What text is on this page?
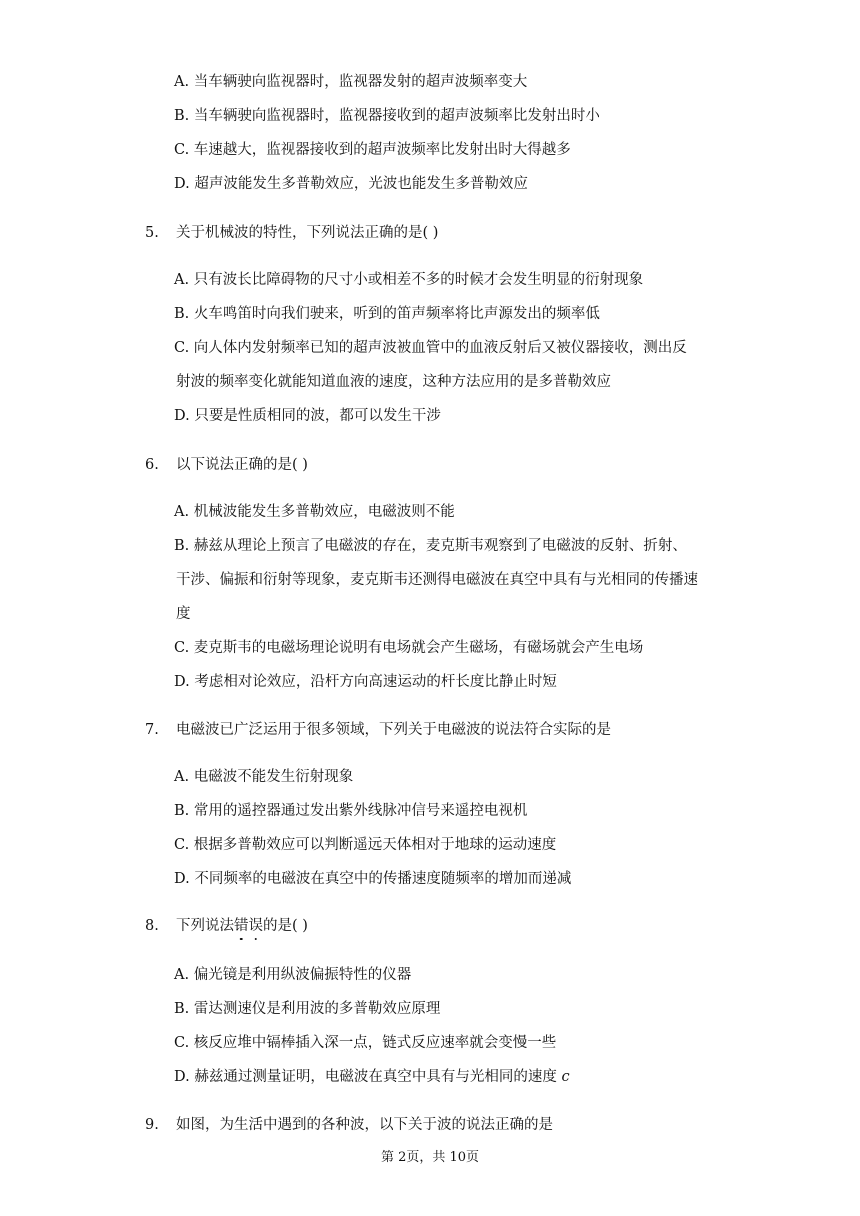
A. 当车辆驶向监视器时，监视器发射的超声波频率变大
B. 当车辆驶向监视器时，监视器接收到的超声波频率比发射出时小
C. 车速越大，监视器接收到的超声波频率比发射出时大得越多
D. 超声波能发生多普勒效应，光波也能发生多普勒效应
5. 关于机械波的特性，下列说法正确的是( )
A. 只有波长比障碍物的尺寸小或相差不多的时候才会发生明显的衍射现象
B. 火车鸣笛时向我们驶来，听到的笛声频率将比声源发出的频率低
C. 向人体内发射频率已知的超声波被血管中的血液反射后又被仪器接收，测出反
射波的频率变化就能知道血液的速度，这种方法应用的是多普勒效应
D. 只要是性质相同的波，都可以发生干涉
6. 以下说法正确的是( )
A. 机械波能发生多普勒效应，电磁波则不能
B. 赫兹从理论上预言了电磁波的存在，麦克斯韦观察到了电磁波的反射、折射、
干涉、偏振和衍射等现象，麦克斯韦还测得电磁波在真空中具有与光相同的传播速
度
C. 麦克斯韦的电磁场理论说明有电场就会产生磁场，有磁场就会产生电场
D. 考虑相对论效应，沿杆方向高速运动的杆长度比静止时短
7. 电磁波已广泛运用于很多领域，下列关于电磁波的说法符合实际的是
A. 电磁波不能发生衍射现象
B. 常用的遥控器通过发出紫外线脉冲信号来遥控电视机
C. 根据多普勒效应可以判断遥远天体相对于地球的运动速度
D. 不同频率的电磁波在真空中的传播速度随频率的增加而递减
8. 下列说法错误的是( )
A. 偏光镜是利用纵波偏振特性的仪器
B. 雷达测速仪是利用波的多普勒效应原理
C. 核反应堆中镉棒插入深一点，链式反应速率就会变慢一些
D. 赫兹通过测量证明，电磁波在真空中具有与光相同的速度 c
9. 如图，为生活中遇到的各种波，以下关于波的说法正确的是
第 2页，共 10页
